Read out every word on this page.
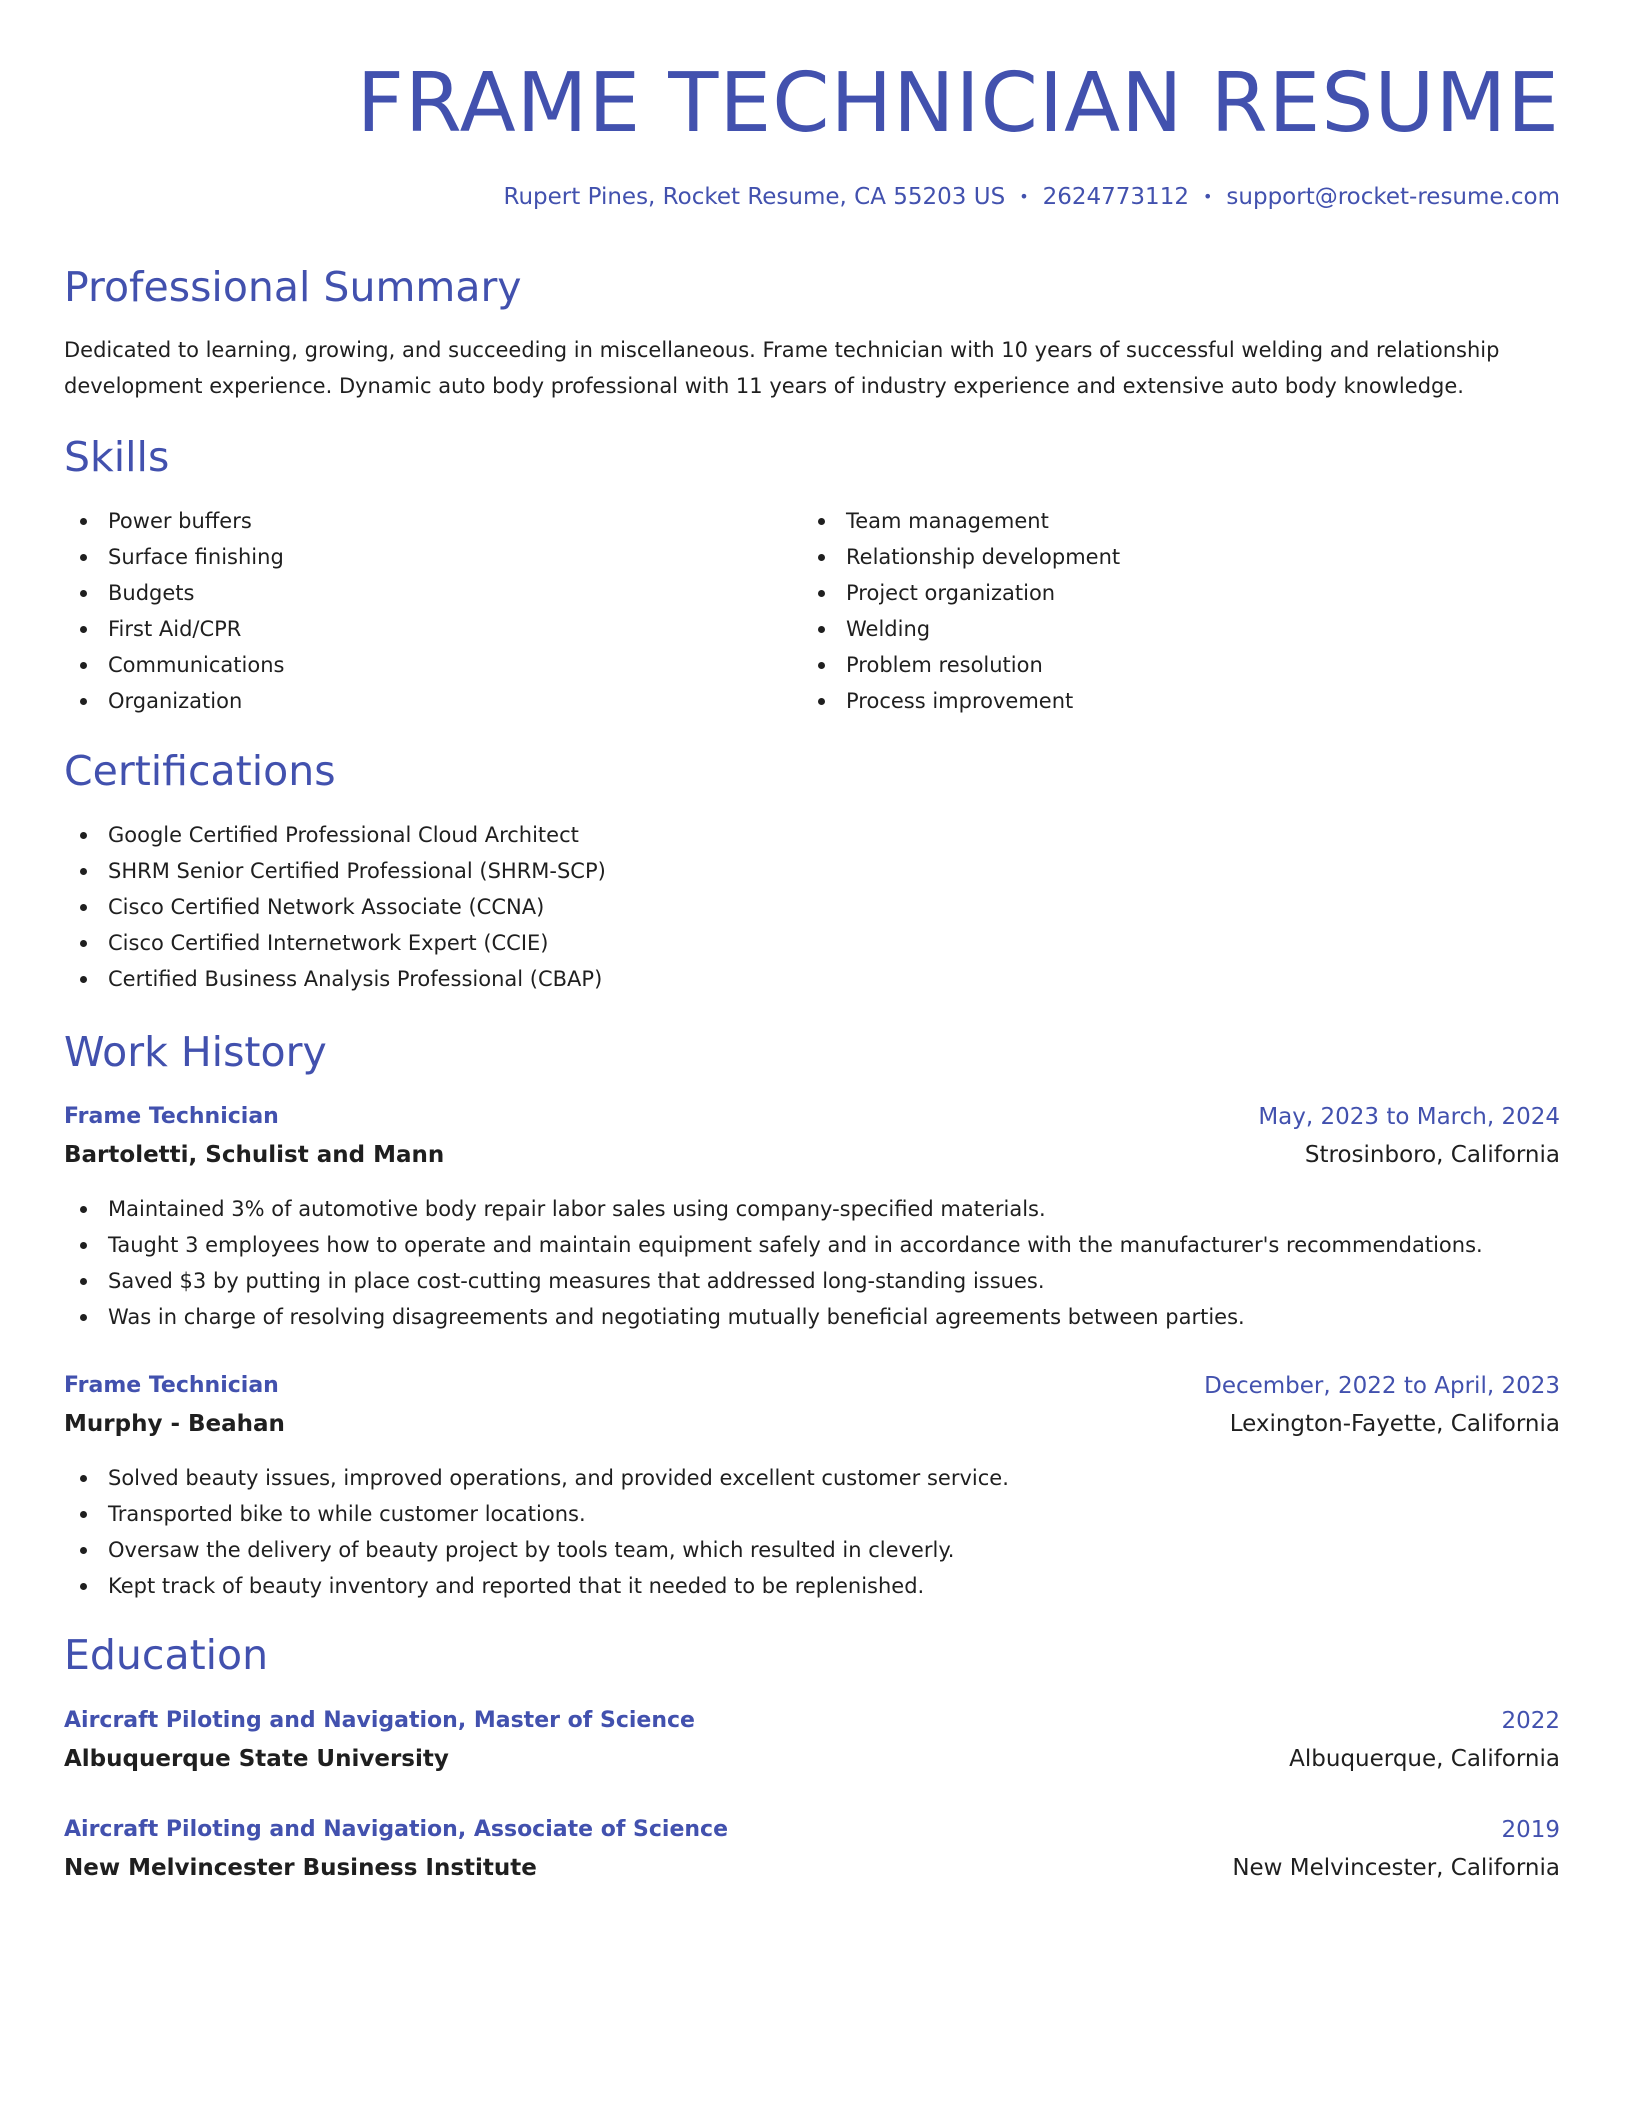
FRAME TECHNICIAN RESUME
Rupert Pines, Rocket Resume, CA 55203 US • 2624773112 • support@rocket-resume.com
Professional Summary

Dedicated to learning, growing, and succeeding in miscellaneous. Frame technician with 10 years of successful welding and relationship development experience. Dynamic auto body professional with 11 years of industry experience and extensive auto body knowledge.

Skills
Power buffers
Surface finishing
Budgets
First Aid/CPR
Communications
Organization
Team management
Relationship development
Project organization
Welding
Problem resolution
Process improvement
Certifications
Google Certified Professional Cloud Architect
SHRM Senior Certified Professional (SHRM-SCP)
Cisco Certified Network Associate (CCNA)
Cisco Certified Internetwork Expert (CCIE)
Certified Business Analysis Professional (CBAP)
Work History
Frame Technician	May, 2023 to March, 2024
Bartoletti, Schulist and Mann	Strosinboro, California
Maintained 3% of automotive body repair labor sales using company-specified materials.
Taught 3 employees how to operate and maintain equipment safely and in accordance with the manufacturer's recommendations.
Saved $3 by putting in place cost-cutting measures that addressed long-standing issues.
Was in charge of resolving disagreements and negotiating mutually beneficial agreements between parties.
Frame Technician	December, 2022 to April, 2023
Murphy - Beahan	Lexington-Fayette, California
Solved beauty issues, improved operations, and provided excellent customer service.
Transported bike to while customer locations.
Oversaw the delivery of beauty project by tools team, which resulted in cleverly.
Kept track of beauty inventory and reported that it needed to be replenished.
Education
Aircraft Piloting and Navigation, Master of Science	2022
Albuquerque State University	Albuquerque, California
Aircraft Piloting and Navigation, Associate of Science	2019
New Melvincester Business Institute	New Melvincester, California
